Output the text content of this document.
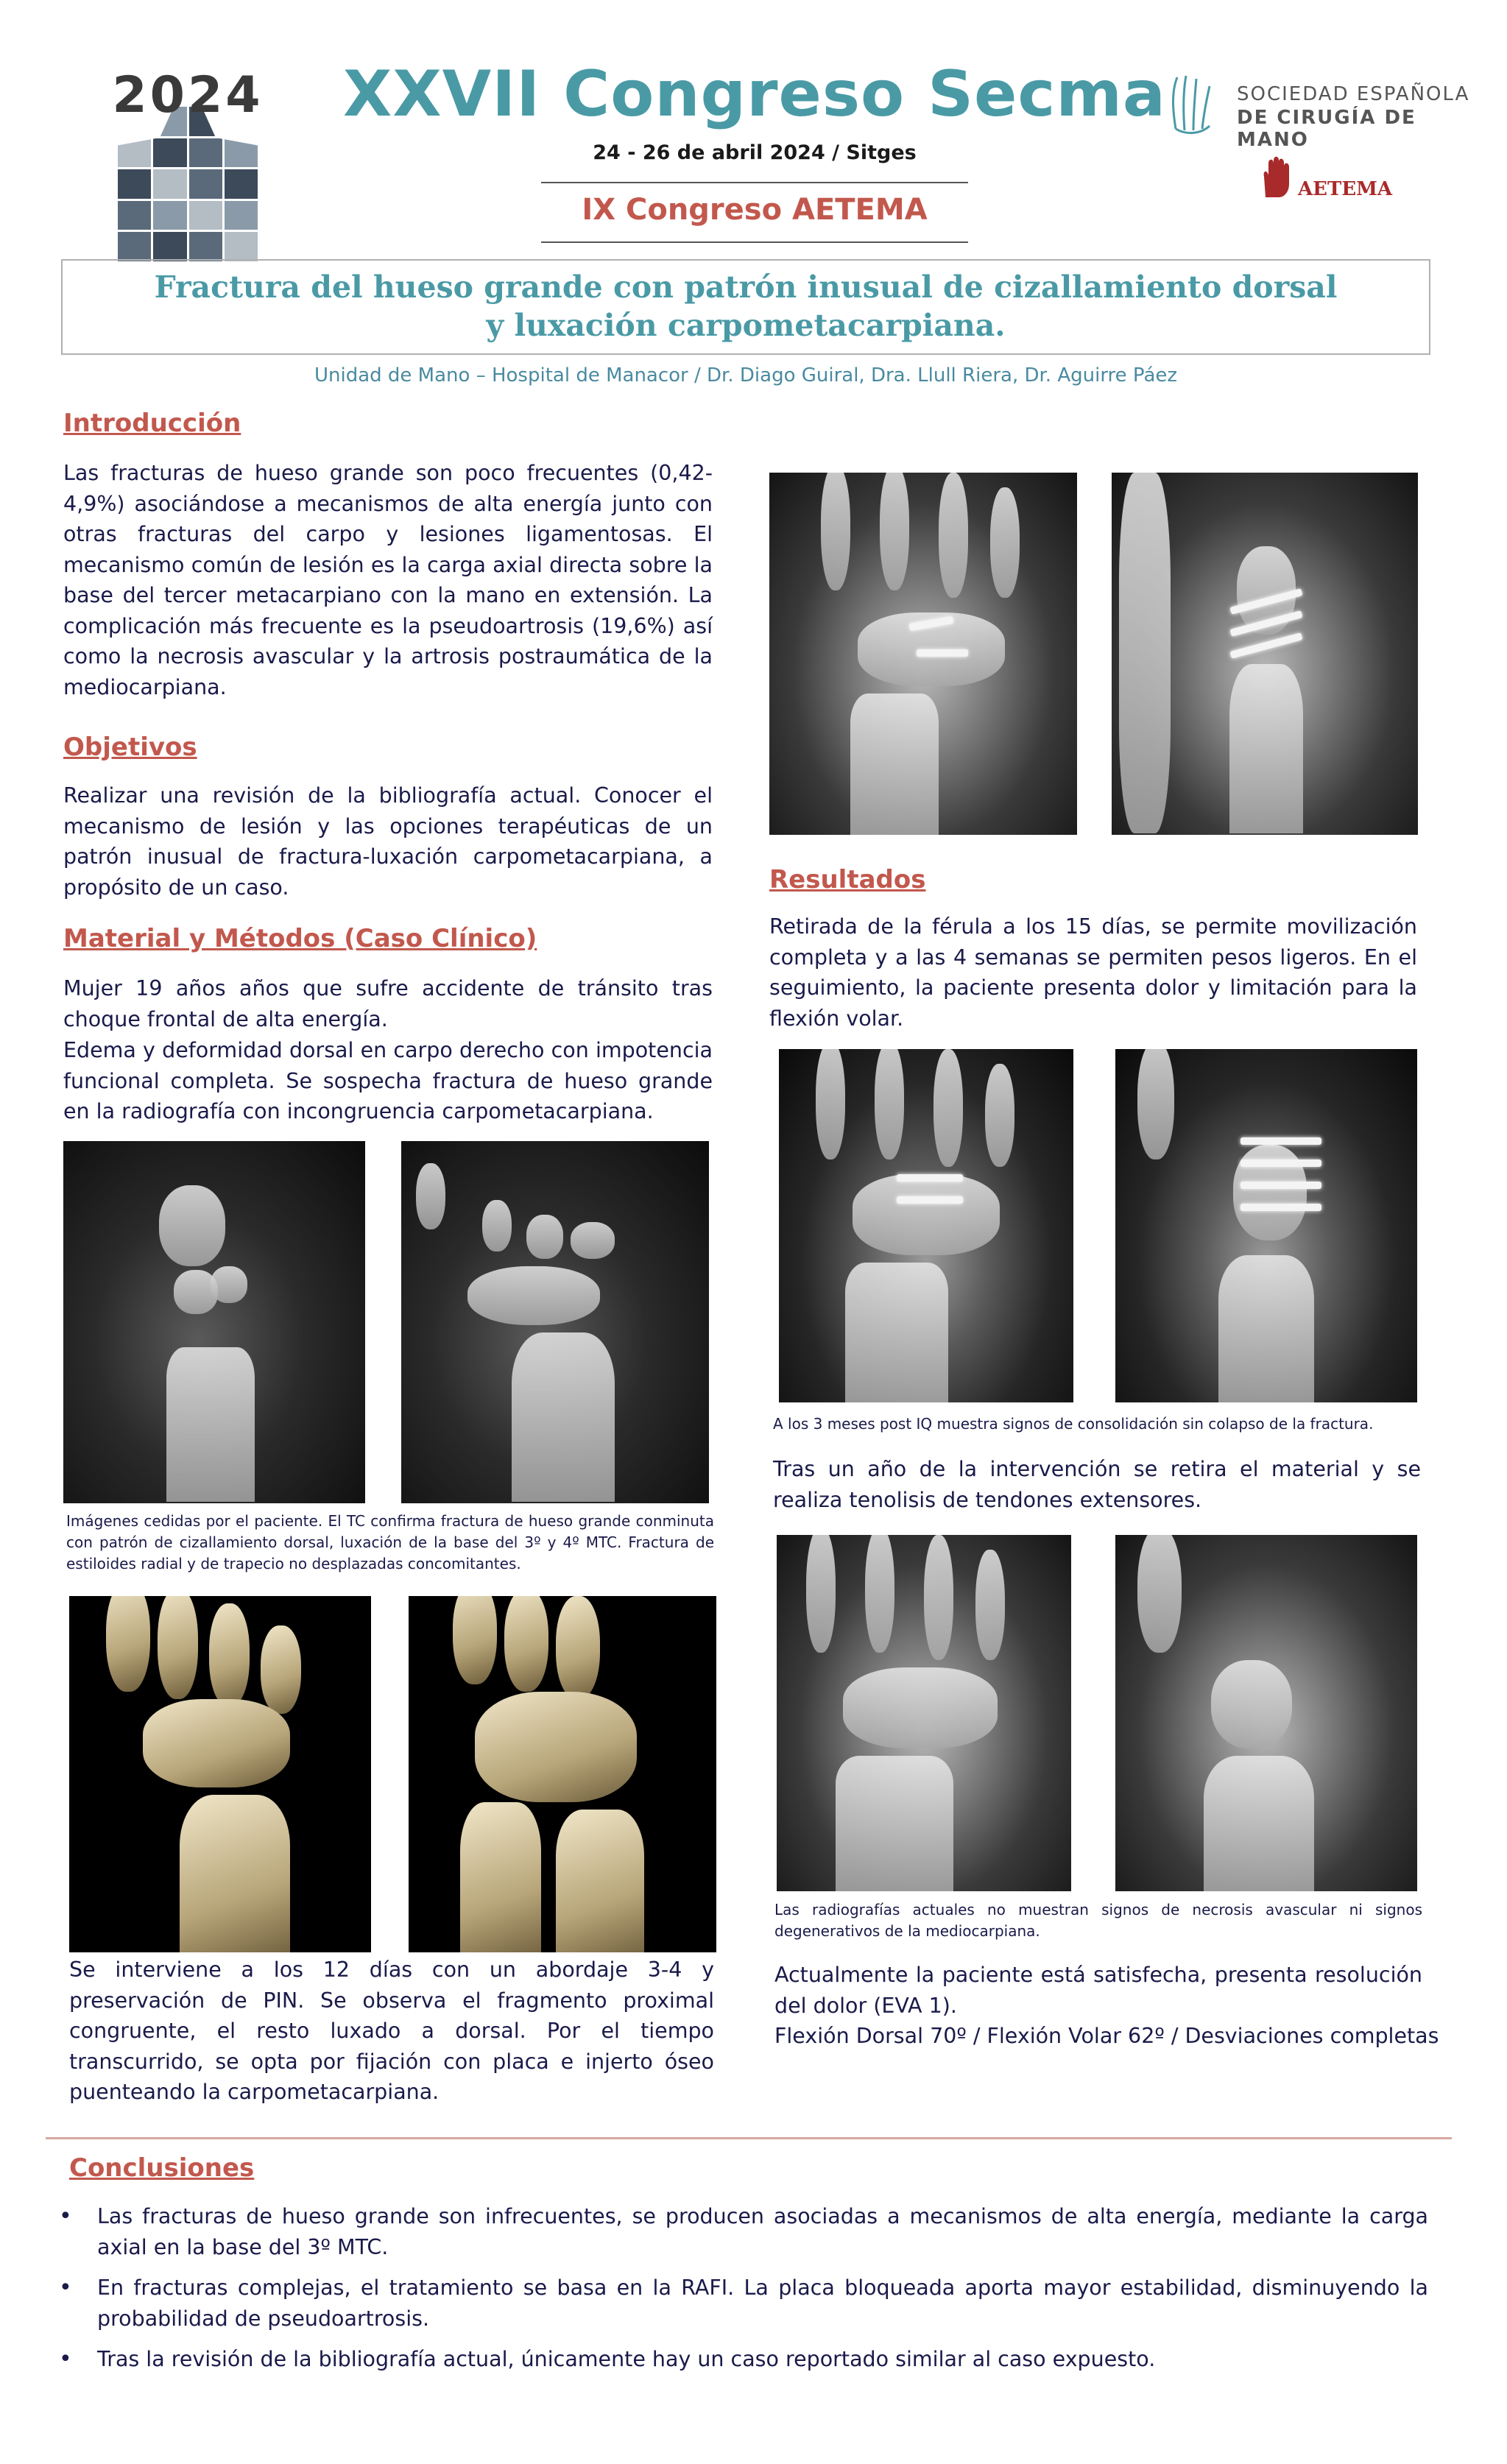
2024	XXVII Congreso Secma
24 - 26 de abril 2024 / Sitges
IX Congreso AETEMA
SOCIEDAD ESPAÑOLA
DE CIRUGÍA DE MANO
AETEMA
Fractura del hueso grande con patrón inusual de cizallamiento dorsal
y luxación carpometacarpiana.
Unidad de Mano – Hospital de Manacor / Dr. Diago Guiral, Dra. Llull Riera, Dr. Aguirre Páez
Introducción
Las fracturas de hueso grande son poco frecuentes (0,42-4,9%) asociándose a mecanismos de alta energía junto con otras fracturas del carpo y lesiones ligamentosas. El mecanismo común de lesión es la carga axial directa sobre la base del tercer metacarpiano con la mano en extensión. La complicación más frecuente es la pseudoartrosis (19,6%) así como la necrosis avascular y la artrosis postraumática de la mediocarpiana.
Objetivos
Realizar una revisión de la bibliografía actual. Conocer el mecanismo de lesión y las opciones terapéuticas de un patrón inusual de fractura-luxación carpometacarpiana, a propósito de un caso.
Material y Métodos (Caso Clínico)
Mujer 19 años años que sufre accidente de tránsito tras choque frontal de alta energía.
Edema y deformidad dorsal en carpo derecho con impotencia funcional completa. Se sospecha fractura de hueso grande en la radiografía con incongruencia carpometacarpiana.
Imágenes cedidas por el paciente. El TC confirma fractura de hueso grande conminuta con patrón de cizallamiento dorsal, luxación de la base del 3º y 4º MTC. Fractura de estiloides radial y de trapecio no desplazadas concomitantes.
Se interviene a los 12 días con un abordaje 3-4 y preservación de PIN. Se observa el fragmento proximal congruente, el resto luxado a dorsal. Por el tiempo transcurrido, se opta por fijación con placa e injerto óseo puenteando la carpometacarpiana.
Resultados
Retirada de la férula a los 15 días, se permite movilización completa y a las 4 semanas se permiten pesos ligeros. En el seguimiento, la paciente presenta dolor y limitación para la flexión volar.
A los 3 meses post IQ muestra signos de consolidación sin colapso de la fractura.
Tras un año de la intervención se retira el material y se realiza tenolisis de tendones extensores.
Las radiografías actuales no muestran signos de necrosis avascular ni signos degenerativos de la mediocarpiana.
Actualmente la paciente está satisfecha, presenta resolución del dolor (EVA 1).
Flexión Dorsal 70º / Flexión Volar 62º / Desviaciones completas
Conclusiones
• Las fracturas de hueso grande son infrecuentes, se producen asociadas a mecanismos de alta energía, mediante la carga axial en la base del 3º MTC.
• En fracturas complejas, el tratamiento se basa en la RAFI. La placa bloqueada aporta mayor estabilidad, disminuyendo la probabilidad de pseudoartrosis.
• Tras la revisión de la bibliografía actual, únicamente hay un caso reportado similar al caso expuesto.
